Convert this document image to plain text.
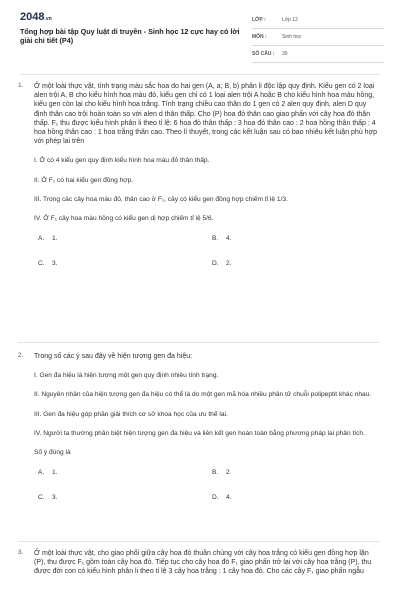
2048.vn
Tổng hợp bài tập Quy luật di truyền - Sinh học 12 cực hay có lời giải chi tiết (P4)
LỚP :	Lớp 12
MÔN :	Sinh học
SỐ CÂU : 30
1. Ở một loài thực vật, tính trạng màu sắc hoa do hai gen (A, a; B, b) phân li độc lập quy định. Kiểu gen có 2 loại alen trội A, B cho kiểu hình hoa màu đỏ, kiểu gen chỉ có 1 loại alen trội A hoặc B cho kiểu hình hoa màu hồng, kiểu gen còn lại cho kiểu hình hoa trắng. Tính trạng chiều cao thân do 1 gen có 2 alen quy định, alen D quy định thân cao trội hoàn toàn so với alen d thân thấp. Cho (P) hoa đỏ thân cao giao phấn với cây hoa đỏ thân thấp. F₁ thu được kiểu hình phân li theo tỉ lệ: 6 hoa đỏ thân thấp : 3 hoa đỏ thân cao : 2 hoa hồng thân thấp : 4 hoa hồng thân cao : 1 hoa trắng thân cao. Theo lí thuyết, trong các kết luận sau có bao nhiêu kết luận phù hợp với phép lai trên

I. Ở có 4 kiểu gen quy định kiểu hình hoa màu đỏ thân thấp.

II. Ở F₁ có hai kiểu gen đồng hợp.

III. Trong các cây hoa màu đỏ, thân cao ở F₁, cây có kiểu gen đồng hợp chiếm tỉ lệ 1/3.

IV. Ở F₁ cây hoa màu hồng có kiểu gen dị hợp chiếm tỉ lệ 5/6.

A. 1.	B. 4.
C. 3.	D. 2.
2. Trong số các ý sau đây về hiện tượng gen đa hiệu:

I. Gen đa hiệu là hiện tượng một gen quy định nhiều tính trạng.

II. Nguyên nhân của hiện tượng gen đa hiệu có thể là do một gen mã hóa nhiều phân tử chuỗi polipeptit khác nhau.

III. Gen đa hiệu góp phần giải thích cơ sở khoa học của ưu thế lai.

IV. Người ta thường phân biệt hiện tượng gen đa hiệu và liên kết gen hoàn toàn bằng phương pháp lai phân tích.

Số ý đúng là

A. 1.	B. 2.
C. 3.	D. 4.
3. Ở một loài thực vật, cho giao phối giữa cây hoa đỏ thuần chủng với cây hoa trắng có kiểu gen đồng hợp lặn (P), thu được F₁ gồm toàn cây hoa đỏ. Tiếp tục cho cây hoa đỏ F₁ giao phấn trở lại với cây hoa trắng (P), thu được đời con có kiểu hình phân li theo tỉ lệ 3 cây hoa trắng : 1 cây hoa đỏ. Cho các cây F₁ giao phấn ngẫu
